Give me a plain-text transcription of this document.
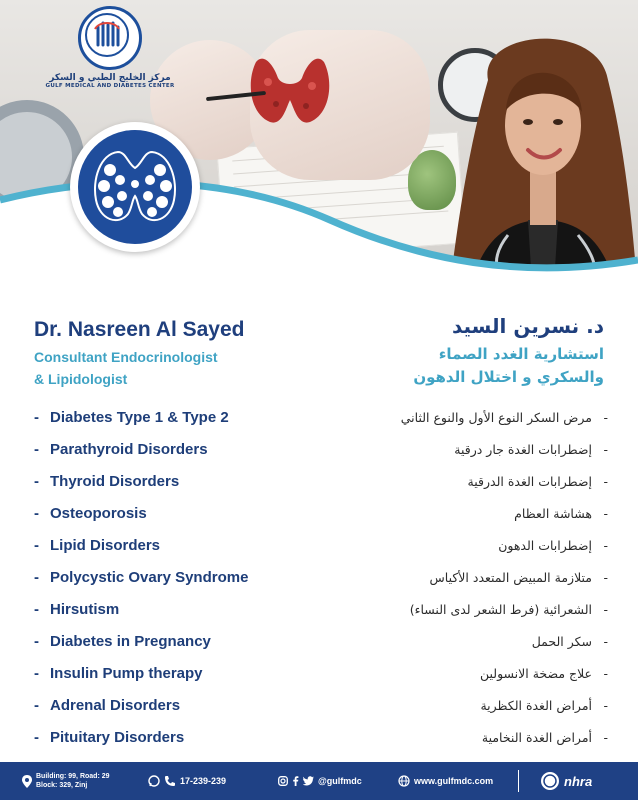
مركز الخليج الطبي و السكر
GULF MEDICAL AND DIABETES CENTER
Dr. Nasreen Al Sayed
Consultant Endocrinologist
& Lipidologist
د. نسرين السيد
استشارية الغدد الصماء
والسكري و اختلال الدهون
- Diabetes Type 1 & Type 2
- Parathyroid Disorders
- Thyroid Disorders
- Osteoporosis
- Lipid Disorders
- Polycystic Ovary Syndrome
- Hirsutism
- Diabetes in Pregnancy
- Insulin Pump therapy
- Adrenal Disorders
- Pituitary Disorders
-مرض السكر النوع الأول والنوع الثاني
-إضطرابات الغدة جار درقية
-إضطرابات الغدة الدرقية
-هشاشة العظام
-إضطرابات الدهون
-متلازمة المبيض المتعدد الأكياس
-الشعرائية (فرط الشعر لدى النساء)
-سكر الحمل
-علاج مضخة الانسولين
-أمراض الغدة الكظرية
-أمراض الغدة النخامية
Building: 99, Road: 29
Block: 329, Zinj	17-239-239	@gulfmdc	www.gulfmdc.com	nhra
